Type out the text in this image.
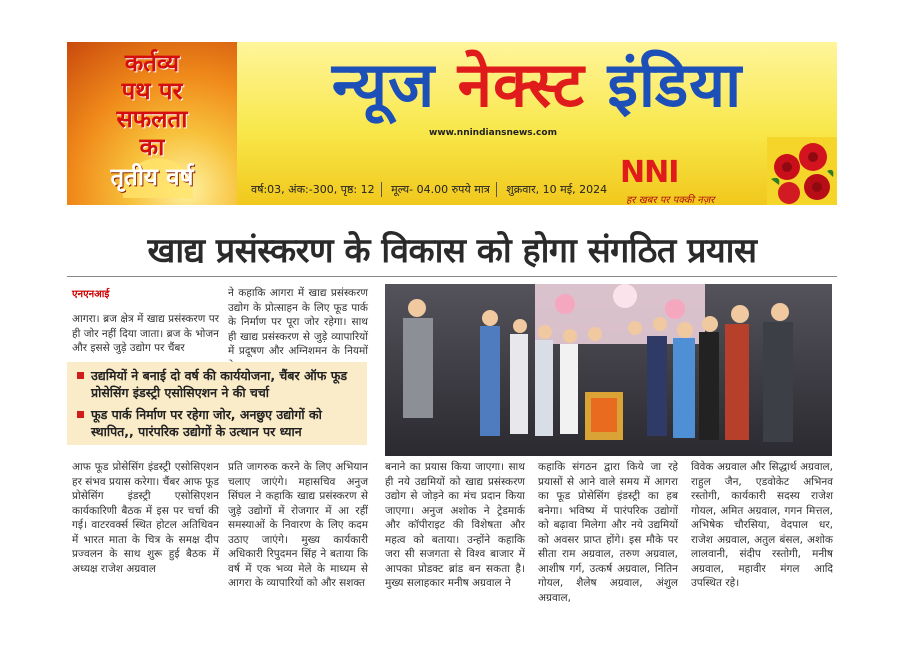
कर्तव्य
पथ पर
सफलता
का
तृतीय वर्ष
न्यूज नेक्स्ट इंडिया
www.nnindiansnews.com
वर्ष:03, अंक:-300, पृष्ठ: 12 मूल्य- 04.00 रुपये मात्र शुक्रवार, 10 मई, 2024 NNI
हर खबर पर पक्की नज़र
खाद्य प्रसंस्करण के विकास को होगा संगठित प्रयास
एनएनआई
आगरा। ब्रज क्षेत्र में खाद्य प्रसंस्करण पर ही जोर नहीं दिया जाता। ब्रज के भोजन और इससे जुड़े उद्योग पर चैंबर
ने कहाकि आगरा में खाद्य प्रसंस्करण उद्योग के प्रोत्साहन के लिए फूड पार्क के निर्माण पर पूरा जोर रहेगा। साथ ही खाद्य प्रसंस्करण से जुड़े व्यापारियों में प्रदूषण और अग्निशमन के नियमों
उद्यमियों ने बनाई दो वर्ष की कार्ययोजना, चैंबर ऑफ फूड प्रोसेसिंग इंडस्ट्री एसोसिएशन ने की चर्चा
फूड पार्क निर्माण पर रहेगा जोर, अनछुए उद्योगों को स्थापित,, पारंपरिक उद्योगों के उत्थान पर ध्यान
आफ फूड प्रोसेसिंग इंडस्ट्री एसोसिएशन हर संभव प्रयास करेगा। चैंबर आफ फूड प्रोसेसिंग इंडस्ट्री एसोसिएशन कार्यकारिणी बैठक में इस पर चर्चा की गई। वाटरवर्क्स स्थित होटल अतिथिवन में भारत माता के चित्र के समक्ष दीप प्रज्वलन के साथ शुरू हुई बैठक में अध्यक्ष राजेश अग्रवाल
प्रति जागरुक करने के लिए अभियान चलाए जाएंगे। महासचिव अनुज सिंघल ने कहाकि खाद्य प्रसंस्करण से जुड़े उद्योगों में रोजगार में आ रहीं समस्याओं के निवारण के लिए कदम उठाए जाएंगे। मुख्य कार्यकारी अधिकारी रिपुदमन सिंह ने बताया कि वर्ष में एक भव्य मेले के माध्यम से आगरा के व्यापारियों को और सशक्त
बनाने का प्रयास किया जाएगा। साथ ही नये उद्यमियों को खाद्य प्रसंस्करण उद्योग से जोड़ने का मंच प्रदान किया जाएगा। अनुज अशोक ने ट्रेडमार्क और कॉपीराइट की विशेषता और महत्व को बताया। उन्होंने कहाकि जरा सी सजगता से विश्व बाजार में आपका प्रोडक्ट ब्रांड बन सकता है। मुख्य सलाहकार मनीष अग्रवाल ने
कहाकि संगठन द्वारा किये जा रहे प्रयासों से आने वाले समय में आगरा का फूड प्रोसेसिंग इंडस्ट्री का हब बनेगा। भविष्य में पारंपरिक उद्योगों को बढ़ावा मिलेगा और नये उद्यमियों को अवसर प्राप्त होंगे। इस मौके पर सीता राम अग्रवाल, तरुण अग्रवाल, आशीष गर्ग, उत्कर्ष अग्रवाल, नितिन गोयल, शैलेष अग्रवाल, अंशुल अग्रवाल,
विवेक अग्रवाल और सिद्धार्थ अग्रवाल, राहुल जैन, एडवोकेट अभिनव रस्तोगी, कार्यकारी सदस्य राजेश गोयल, अमित अग्रवाल, गगन मित्तल, अभिषेक चौरसिया, वेदपाल धर, राजेश अग्रवाल, अतुल बंसल, अशोक लालवानी, संदीप रस्तोगी, मनीष अग्रवाल, महावीर मंगल आदि उपस्थित रहे।
